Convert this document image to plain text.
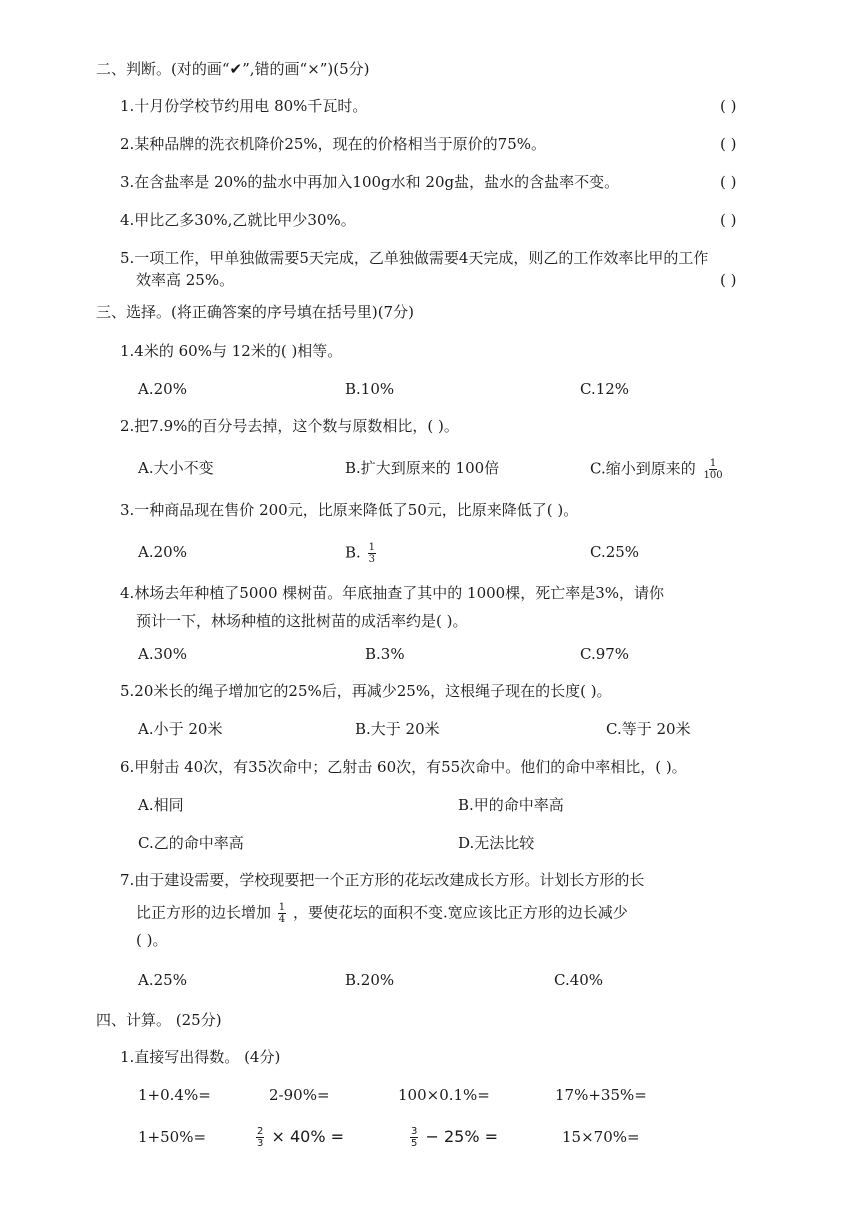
二、判断。(对的画“✔”,错的画“×”)(5分)
1.十月份学校节约用电 80%千瓦时。	( )
2.某种品牌的洗衣机降价25%，现在的价格相当于原价的75%。	( )
3.在含盐率是 20%的盐水中再加入100g水和 20g盐，盐水的含盐率不变。	( )
4.甲比乙多30%,乙就比甲少30%。	( )
5.一项工作，甲单独做需要5天完成，乙单独做需要4天完成，则乙的工作效率比甲的工作
效率高 25%。	( )
三、选择。(将正确答案的序号填在括号里)(7分)
1.4米的 60%与 12米的( )相等。
A.20%	B.10%	C.12%
2.把7.9%的百分号去掉，这个数与原数相比，( )。
A.大小不变	B.扩大到原来的 100倍	C.缩小到原来的 $\frac{1}{100}$
3.一种商品现在售价 200元，比原来降低了50元，比原来降低了( )。
A.20%	B. $\frac{1}{3}$	C.25%
4.林场去年种植了5000 棵树苗。年底抽查了其中的 1000棵，死亡率是3%，请你
预计一下，林场种植的这批树苗的成活率约是( )。
A.30%	B.3%	C.97%
5.20米长的绳子增加它的25%后，再减少25%，这根绳子现在的长度( )。
A.小于 20米	B.大于 20米	C.等于 20米
6.甲射击 40次，有35次命中；乙射击 60次，有55次命中。他们的命中率相比，( )。
A.相同	B.甲的命中率高
C.乙的命中率高	D.无法比较
7.由于建设需要，学校现要把一个正方形的花坛改建成长方形。计划长方形的长
比正方形的边长增加 $\frac{1}{4}$ ，要使花坛的面积不变.宽应该比正方形的边长减少
( )。
A.25%	B.20%	C.40%
四、计算。 (25分)
1.直接写出得数。 (4分)
1+0.4%=	2-90%=	100×0.1%=	17%+35%=
1+50%=	$\frac{2}{3} \times 40\%$ =	$\frac{3}{5} - 25\%$ =	15×70%=
